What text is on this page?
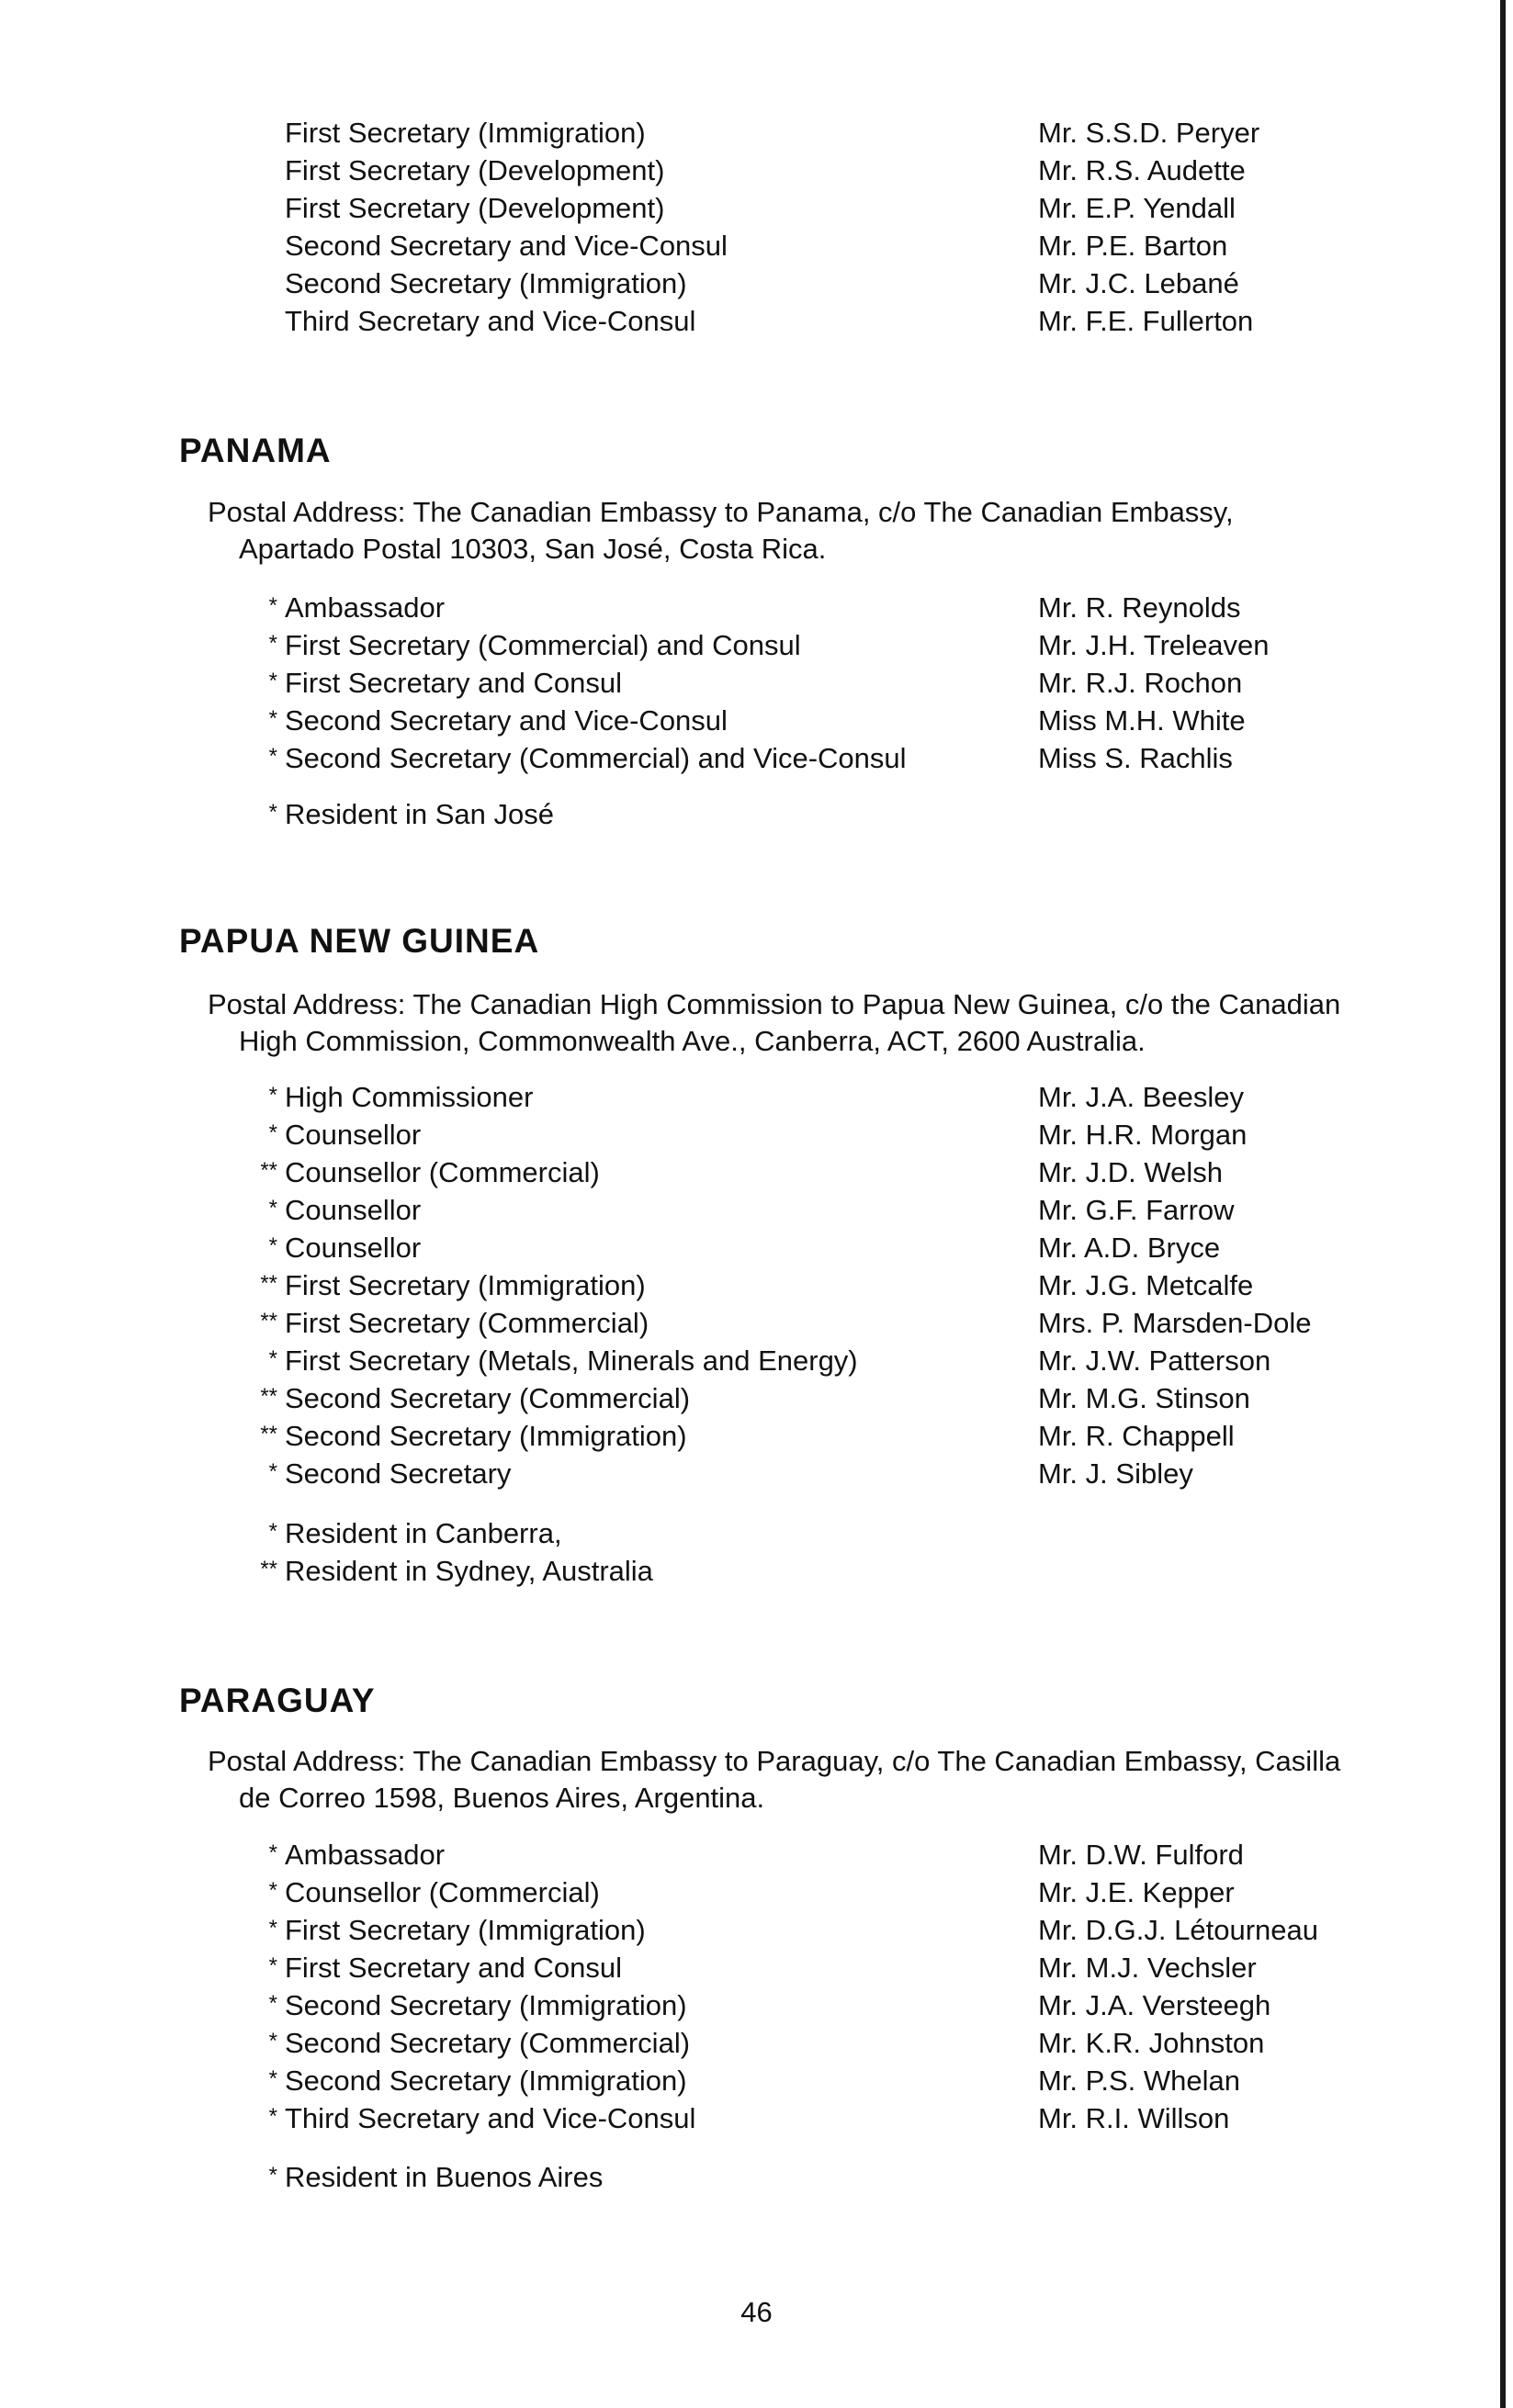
First Secretary (Immigration)	Mr. S.S.D. Peryer
First Secretary (Development)	Mr. R.S. Audette
First Secretary (Development)	Mr. E.P. Yendall
Second Secretary and Vice-Consul	Mr. P.E. Barton
Second Secretary (Immigration)	Mr. J.C. Lebané
Third Secretary and Vice-Consul	Mr. F.E. Fullerton
PANAMA
Postal Address: The Canadian Embassy to Panama, c/o The Canadian Embassy,
Apartado Postal 10303, San José, Costa Rica.
* Ambassador	Mr. R. Reynolds
* First Secretary (Commercial) and Consul	Mr. J.H. Treleaven
* First Secretary and Consul	Mr. R.J. Rochon
* Second Secretary and Vice-Consul	Miss M.H. White
* Second Secretary (Commercial) and Vice-Consul	Miss S. Rachlis
* Resident in San José
PAPUA NEW GUINEA
Postal Address: The Canadian High Commission to Papua New Guinea, c/o the Canadian
High Commission, Commonwealth Ave., Canberra, ACT, 2600 Australia.
* High Commissioner	Mr. J.A. Beesley
* Counsellor	Mr. H.R. Morgan
** Counsellor (Commercial)	Mr. J.D. Welsh
* Counsellor	Mr. G.F. Farrow
* Counsellor	Mr. A.D. Bryce
** First Secretary (Immigration)	Mr. J.G. Metcalfe
** First Secretary (Commercial)	Mrs. P. Marsden-Dole
* First Secretary (Metals, Minerals and Energy)	Mr. J.W. Patterson
** Second Secretary (Commercial)	Mr. M.G. Stinson
** Second Secretary (Immigration)	Mr. R. Chappell
* Second Secretary	Mr. J. Sibley
* Resident in Canberra,
** Resident in Sydney, Australia
PARAGUAY
Postal Address: The Canadian Embassy to Paraguay, c/o The Canadian Embassy, Casilla
de Correo 1598, Buenos Aires, Argentina.
* Ambassador	Mr. D.W. Fulford
* Counsellor (Commercial)	Mr. J.E. Kepper
* First Secretary (Immigration)	Mr. D.G.J. Létourneau
* First Secretary and Consul	Mr. M.J. Vechsler
* Second Secretary (Immigration)	Mr. J.A. Versteegh
* Second Secretary (Commercial)	Mr. K.R. Johnston
* Second Secretary (Immigration)	Mr. P.S. Whelan
* Third Secretary and Vice-Consul	Mr. R.I. Willson
* Resident in Buenos Aires
46
